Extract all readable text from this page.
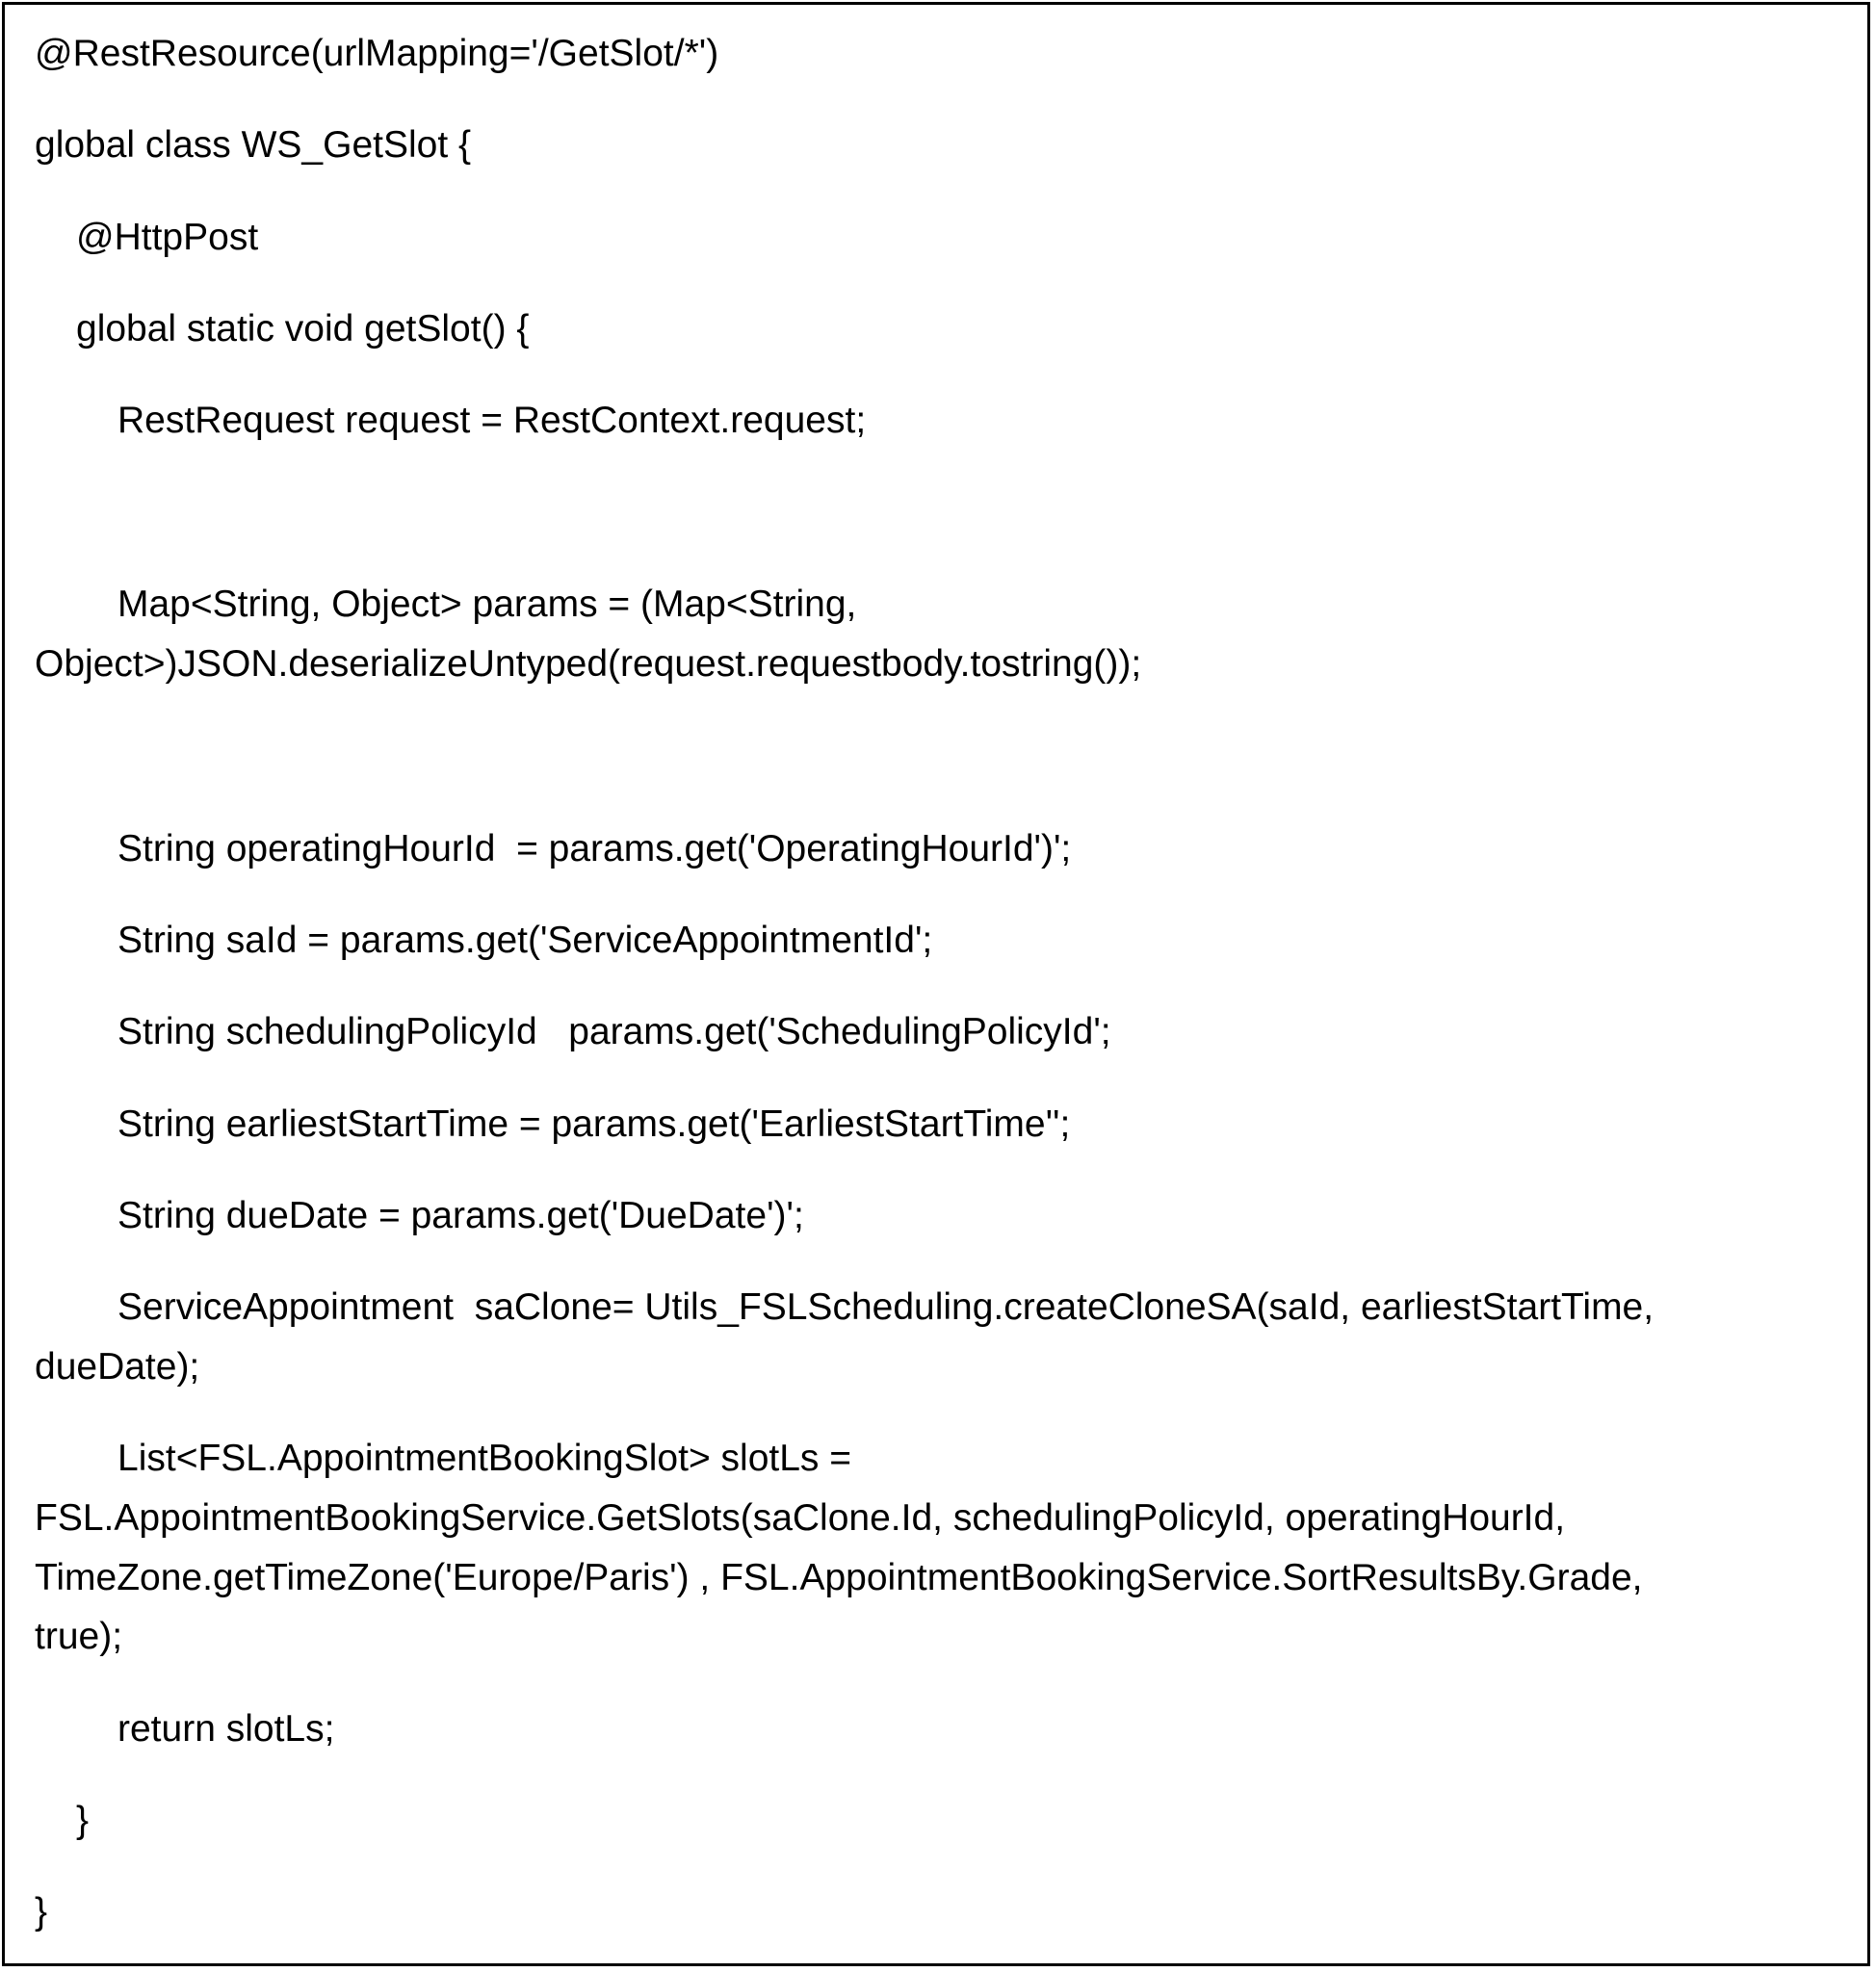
@RestResource(urlMapping='/GetSlot/*')
global class WS_GetSlot {
@HttpPost
global static void getSlot() {
RestRequest request = RestContext.request;
Map<String, Object> params = (Map<String,
Object>)JSON.deserializeUntyped(request.requestbody.tostring());
String operatingHourId  = params.get('OperatingHourId')';
String saId = params.get('ServiceAppointmentId';
String schedulingPolicyId   params.get('SchedulingPolicyId';
String earliestStartTime = params.get('EarliestStartTime'';
String dueDate = params.get('DueDate')';
ServiceAppointment  saClone= Utils_FSLScheduling.createCloneSA(saId, earliestStartTime,
dueDate);
List<FSL.AppointmentBookingSlot> slotLs =
FSL.AppointmentBookingService.GetSlots(saClone.Id, schedulingPolicyId, operatingHourId,
TimeZone.getTimeZone('Europe/Paris') , FSL.AppointmentBookingService.SortResultsBy.Grade,
true);
return slotLs;
}
}
